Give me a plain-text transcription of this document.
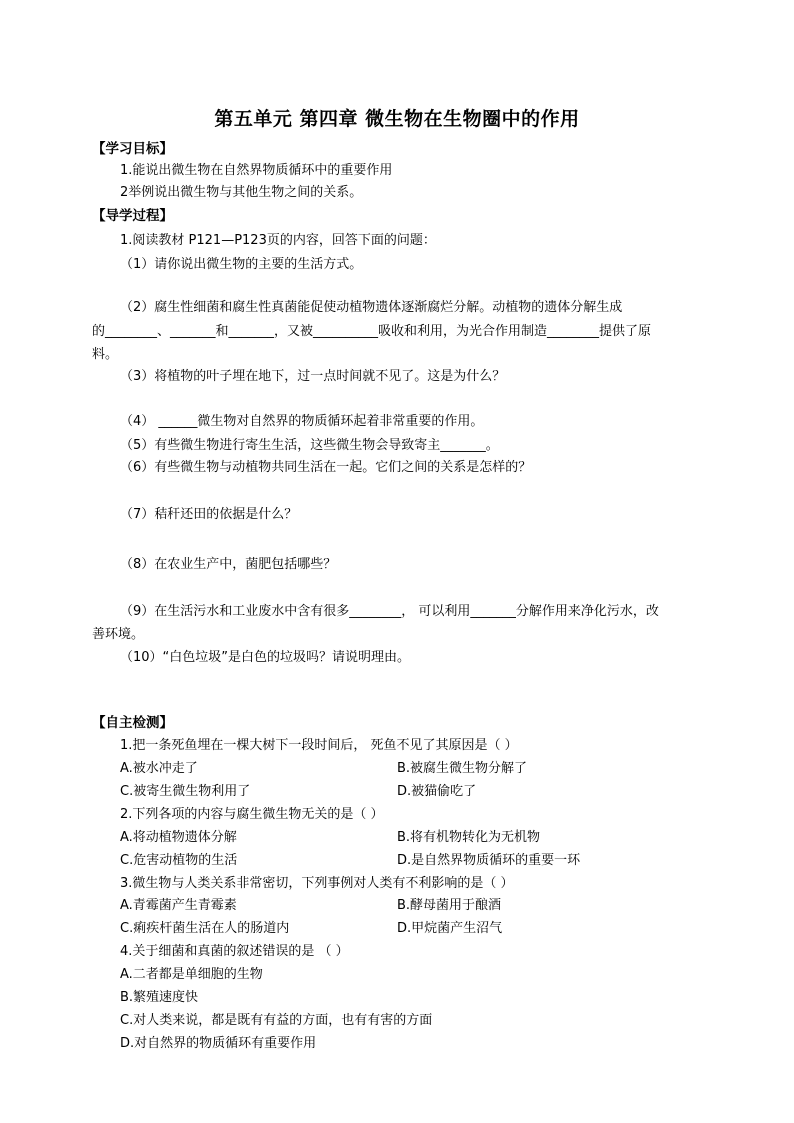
第五单元 第四章 微生物在生物圈中的作用
【学习目标】
1.能说出微生物在自然界物质循环中的重要作用
2举例说出微生物与其他生物之间的关系。
【导学过程】
1.阅读教材 P121—P123页的内容，回答下面的问题：
（1）请你说出微生物的主要的生活方式。
（2）腐生性细菌和腐生性真菌能促使动植物遗体逐渐腐烂分解。动植物的遗体分解生成
的________、_______和_______，又被__________吸收和利用，为光合作用制造________提供了原
料。
（3）将植物的叶子埋在地下，过一点时间就不见了。这是为什么？
（4） ______微生物对自然界的物质循环起着非常重要的作用。
（5）有些微生物进行寄生生活，这些微生物会导致寄主_______。
（6）有些微生物与动植物共同生活在一起。它们之间的关系是怎样的？
（7）秸秆还田的依据是什么？
（8）在农业生产中，菌肥包括哪些？
（9）在生活污水和工业废水中含有很多________， 可以利用_______分解作用来净化污水，改
善环境。
（10）“白色垃圾”是白色的垃圾吗？请说明理由。
【自主检测】
1.把一条死鱼埋在一棵大树下一段时间后， 死鱼不见了其原因是（ ）
A.被水冲走了	B.被腐生微生物分解了
C.被寄生微生物利用了	D.被猫偷吃了
2.下列各项的内容与腐生微生物无关的是（ ）
A.将动植物遗体分解	B.将有机物转化为无机物
C.危害动植物的生活	D.是自然界物质循环的重要一环
3.微生物与人类关系非常密切，下列事例对人类有不利影响的是（ ）
A.青霉菌产生青霉素	B.酵母菌用于酿酒
C.痢疾杆菌生活在人的肠道内	D.甲烷菌产生沼气
4.关于细菌和真菌的叙述错误的是 （ ）
A.二者都是单细胞的生物
B.繁殖速度快
C.对人类来说，都是既有有益的方面，也有有害的方面
D.对自然界的物质循环有重要作用
